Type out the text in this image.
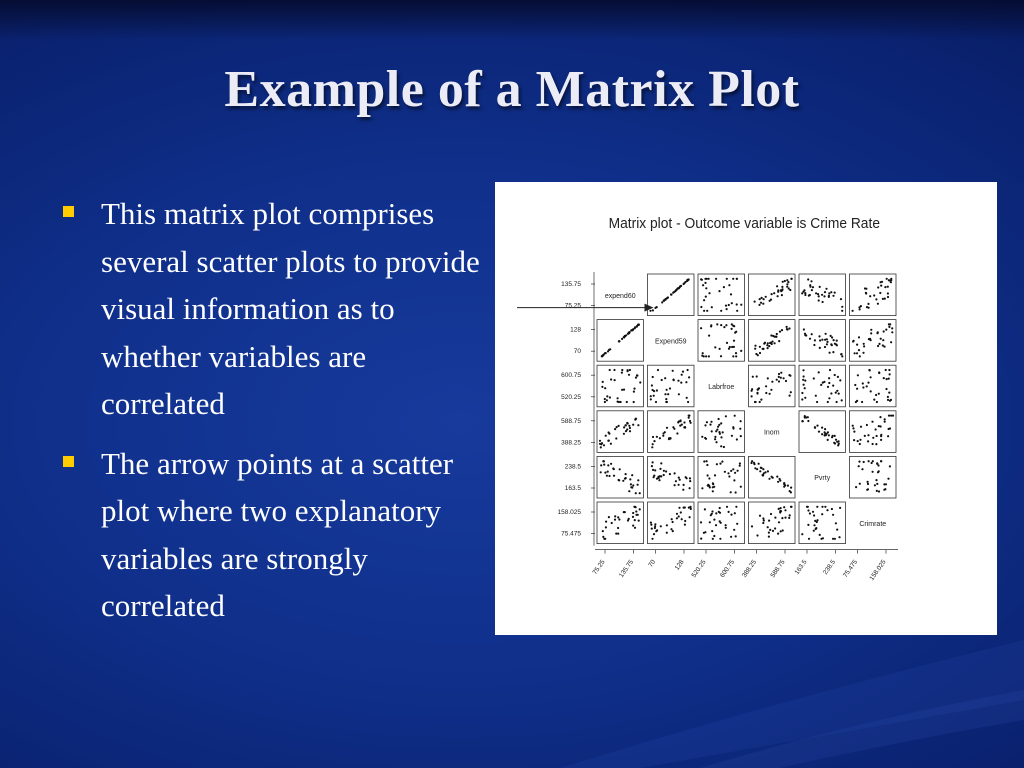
Example of a Matrix Plot
This matrix plot comprises several scatter plots to provide visual information as to whether variables are correlated
The arrow points at a scatter plot where two explanatory variables are strongly correlated
Matrix plot - Outcome variable is Crime Rate
expend60
Expend59
Labrfroe
Inom
Pvrty
Crimrate
135.75
75.25
128
70
600.75
520.25
588.75
388.25
238.5
163.5
158.025
75.475
75.25 135.75 70	128 520.25 600.75 388.25 588.75 163.5 238.5 75.475 158.025
